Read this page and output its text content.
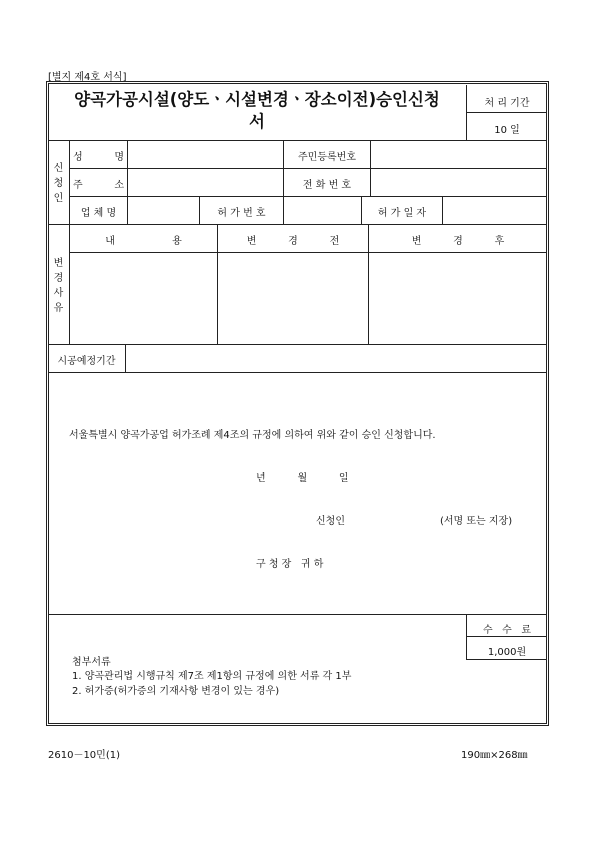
[별지 제4호 서식]
양곡가공시설(양도ㆍ시설변경ㆍ장소이전)승인신청
서
처 리 기간
10 일
신
청
인
성          명	주민등록번호
주          소	전 화 번 호
업 체 명	허 가 번 호	허 가 일 자
변
경
사
유
내                  용	변          경          전	변          경          후
시공예정기간
서울특별시 양곡가공업 허가조례 제4조의 규정에 의하여 위와 같이 승인 신청합니다.
년          월          일
신청인	(서명 또는 지장)
구 청 장   귀 하
수   수   료
1,000원
첨부서류
1. 양곡관리법 시행규칙 제7조 제1항의 규정에 의한 서류 각 1부
2. 허가증(허가증의 기재사항 변경이 있는 경우)
2610－10민(1)	190㎜×268㎜
